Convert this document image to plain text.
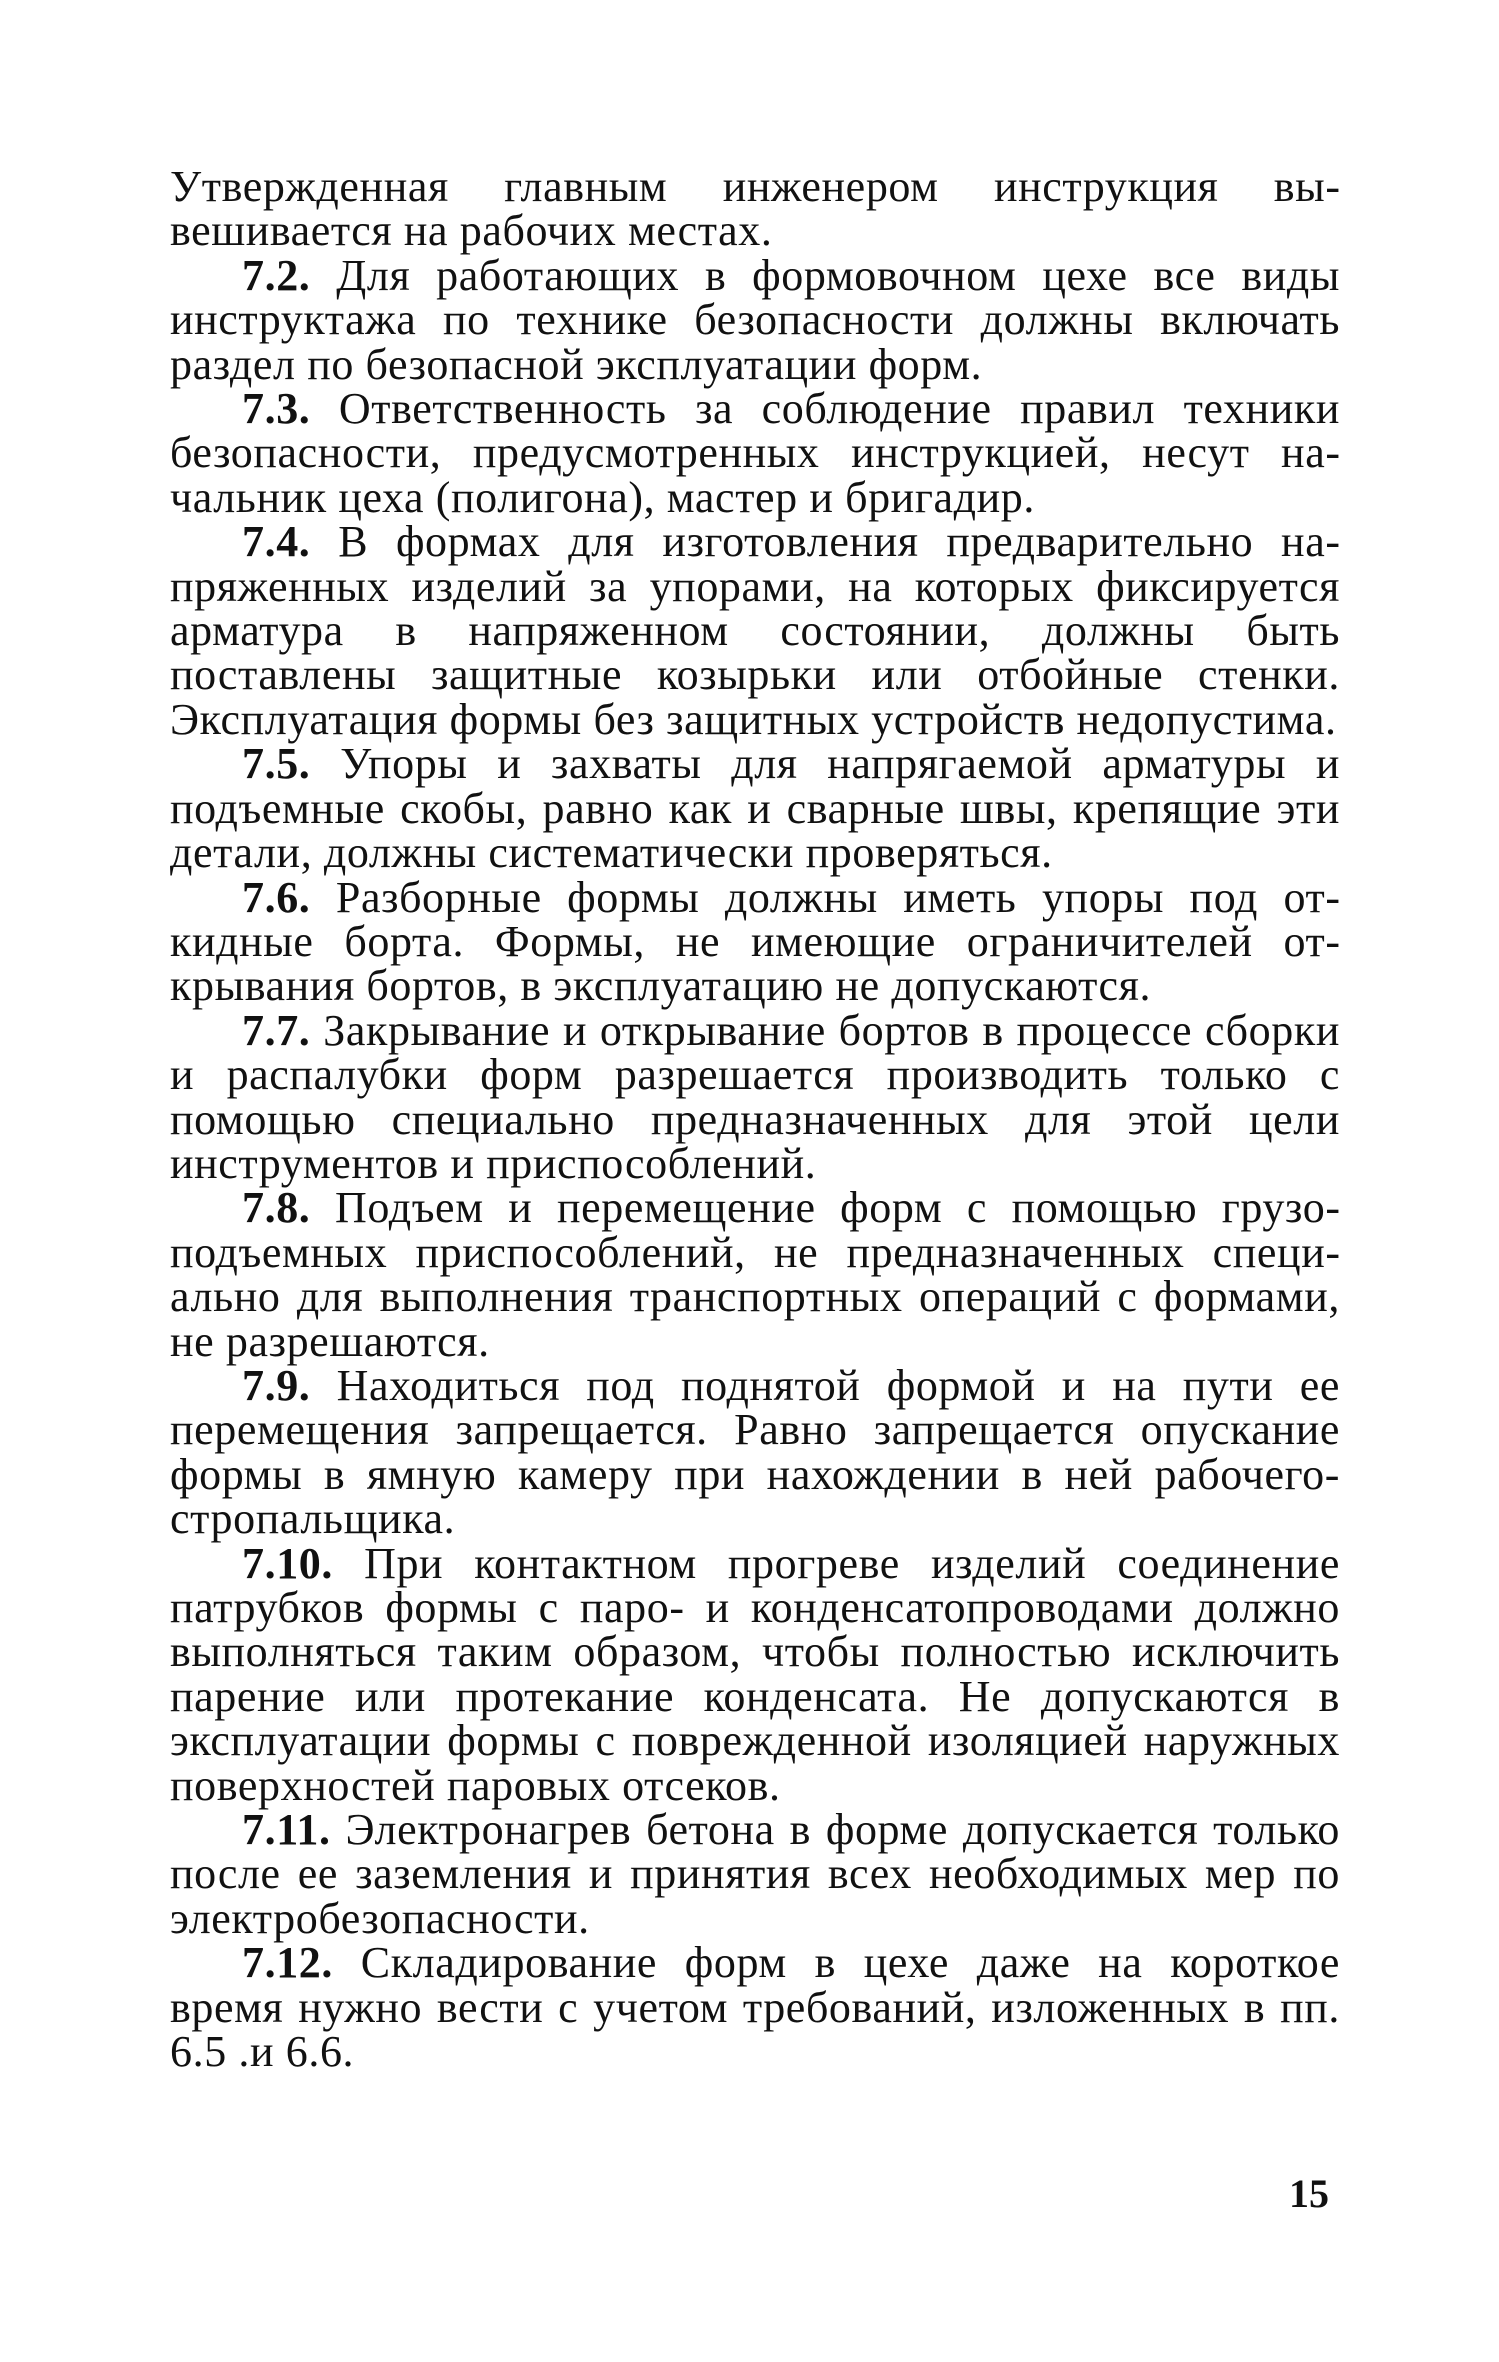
Утвержденная главным инженером инструкция вывешивается на рабочих местах.

7.2. Для работающих в формовочном цехе все виды инструктажа по технике безопасности должны включать раздел по безопасной эксплуатации форм.

7.3. Ответственность за соблюдение правил техники безопасности, предусмотренных инструкцией, несут начальник цеха (полигона), мастер и бригадир.

7.4. В формах для изготовления предварительно напряженных изделий за упорами, на которых фиксируется арматура в напряженном состоянии, должны быть поставлены защитные козырьки или отбойные стенки. Эксплуатация формы без защитных устройств недопустима.

7.5. Упоры и захваты для напрягаемой арматуры и подъемные скобы, равно как и сварные швы, крепящие эти детали, должны систематически проверяться.

7.6. Разборные формы должны иметь упоры под откидные борта. Формы, не имеющие ограничителей открывания бортов, в эксплуатацию не допускаются.

7.7. Закрывание и открывание бортов в процессе сборки и распалубки форм разрешается производить только с помощью специально предназначенных для этой цели инструментов и приспособлений.

7.8. Подъем и перемещение форм с помощью грузоподъемных приспособлений, не предназначенных специально для выполнения транспортных операций с формами, не разрешаются.

7.9. Находиться под поднятой формой и на пути ее перемещения запрещается. Равно запрещается опускание формы в ямную камеру при нахождении в ней рабочего-стропальщика.

7.10. При контактном прогреве изделий соединение патрубков формы с паро- и конденсатопроводами должно выполняться таким образом, чтобы полностью исключить парение или протекание конденсата. Не допускаются в эксплуатации формы с поврежденной изоляцией наружных поверхностей паровых отсеков.

7.11. Электронагрев бетона в форме допускается только после ее заземления и принятия всех необходимых мер по электробезопасности.

7.12. Складирование форм в цехе даже на короткое время нужно вести с учетом требований, изложенных в пп. 6.5 .и 6.6.

15
